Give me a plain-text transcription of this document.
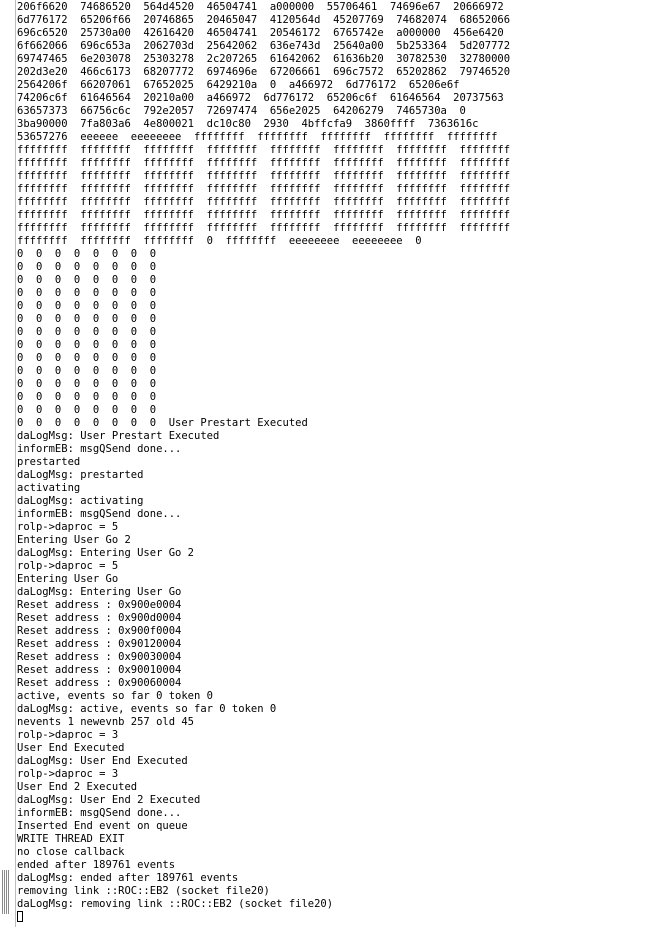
206f6620  74686520  564d4520  46504741  a000000  55706461  74696e67  20666972
6d776172  65206f66  20746865  20465047  4120564d  45207769  74682074  68652066
696c6520  25730a00  42616420  46504741  20546172  6765742e  a000000  456e6420
6f662066  696c653a  2062703d  25642062  636e743d  25640a00  5b253364  5d207772
69747465  6e203078  25303278  2c207265  61642062  61636b20  30782530  32780000
202d3e20  466c6173  68207772  6974696e  67206661  696c7572  65202862  79746520
2564206f  66207061  67652025  6429210a  0  a466972  6d776172  65206e6f
74206c6f  61646564  20210a00  a466972  6d776172  65206c6f  61646564  20737563
63657373  66756c6c  792e2057  72697474  656e2025  64206279  7465730a  0
3ba90000  7fa803a6  4e800021  dc10c80  2930  4bffcfa9  3860ffff  7363616c
53657276  eeeeee  eeeeeeee  ffffffff  ffffffff  ffffffff  ffffffff  ffffffff
ffffffff  ffffffff  ffffffff  ffffffff  ffffffff  ffffffff  ffffffff  ffffffff
ffffffff  ffffffff  ffffffff  ffffffff  ffffffff  ffffffff  ffffffff  ffffffff
ffffffff  ffffffff  ffffffff  ffffffff  ffffffff  ffffffff  ffffffff  ffffffff
ffffffff  ffffffff  ffffffff  ffffffff  ffffffff  ffffffff  ffffffff  ffffffff
ffffffff  ffffffff  ffffffff  ffffffff  ffffffff  ffffffff  ffffffff  ffffffff
ffffffff  ffffffff  ffffffff  ffffffff  ffffffff  ffffffff  ffffffff  ffffffff
ffffffff  ffffffff  ffffffff  ffffffff  ffffffff  ffffffff  ffffffff  ffffffff
ffffffff  ffffffff  ffffffff  0  ffffffff  eeeeeeee  eeeeeeee  0
0  0  0  0  0  0  0  0
0  0  0  0  0  0  0  0
0  0  0  0  0  0  0  0
0  0  0  0  0  0  0  0
0  0  0  0  0  0  0  0
0  0  0  0  0  0  0  0
0  0  0  0  0  0  0  0
0  0  0  0  0  0  0  0
0  0  0  0  0  0  0  0
0  0  0  0  0  0  0  0
0  0  0  0  0  0  0  0
0  0  0  0  0  0  0  0
0  0  0  0  0  0  0  0
0  0  0  0  0  0  0  0  User Prestart Executed
daLogMsg: User Prestart Executed
informEB: msgQSend done...
prestarted
daLogMsg: prestarted
activating
daLogMsg: activating
informEB: msgQSend done...
rolp->daproc = 5
Entering User Go 2
daLogMsg: Entering User Go 2
rolp->daproc = 5
Entering User Go
daLogMsg: Entering User Go
Reset address : 0x900e0004
Reset address : 0x900d0004
Reset address : 0x900f0004
Reset address : 0x90120004
Reset address : 0x90030004
Reset address : 0x90010004
Reset address : 0x90060004
active, events so far 0 token 0
daLogMsg: active, events so far 0 token 0
nevents 1 newevnb 257 old 45
rolp->daproc = 3
User End Executed
daLogMsg: User End Executed
rolp->daproc = 3
User End 2 Executed
daLogMsg: User End 2 Executed
informEB: msgQSend done...
Inserted End event on queue
WRITE THREAD EXIT
no close callback
ended after 189761 events
daLogMsg: ended after 189761 events
removing link ::ROC::EB2 (socket file20)
daLogMsg: removing link ::ROC::EB2 (socket file20)
